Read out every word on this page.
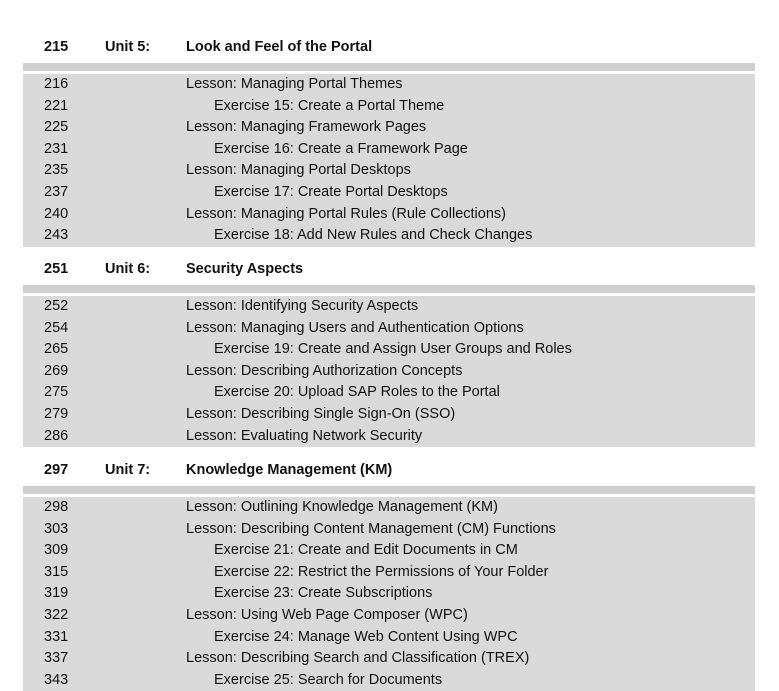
215	Unit 5: Look and Feel of the Portal
216	Lesson: Managing Portal Themes
221	Exercise 15: Create a Portal Theme
225	Lesson: Managing Framework Pages
231	Exercise 16: Create a Framework Page
235	Lesson: Managing Portal Desktops
237	Exercise 17: Create Portal Desktops
240	Lesson: Managing Portal Rules (Rule Collections)
243	Exercise 18: Add New Rules and Check Changes
251	Unit 6: Security Aspects
252	Lesson: Identifying Security Aspects
254	Lesson: Managing Users and Authentication Options
265	Exercise 19: Create and Assign User Groups and Roles
269	Lesson: Describing Authorization Concepts
275	Exercise 20: Upload SAP Roles to the Portal
279	Lesson: Describing Single Sign-On (SSO)
286	Lesson: Evaluating Network Security
297	Unit 7: Knowledge Management (KM)
298	Lesson: Outlining Knowledge Management (KM)
303	Lesson: Describing Content Management (CM) Functions
309	Exercise 21: Create and Edit Documents in CM
315	Exercise 22: Restrict the Permissions of Your Folder
319	Exercise 23: Create Subscriptions
322	Lesson: Using Web Page Composer (WPC)
331	Exercise 24: Manage Web Content Using WPC
337	Lesson: Describing Search and Classification (TREX)
343	Exercise 25: Search for Documents
